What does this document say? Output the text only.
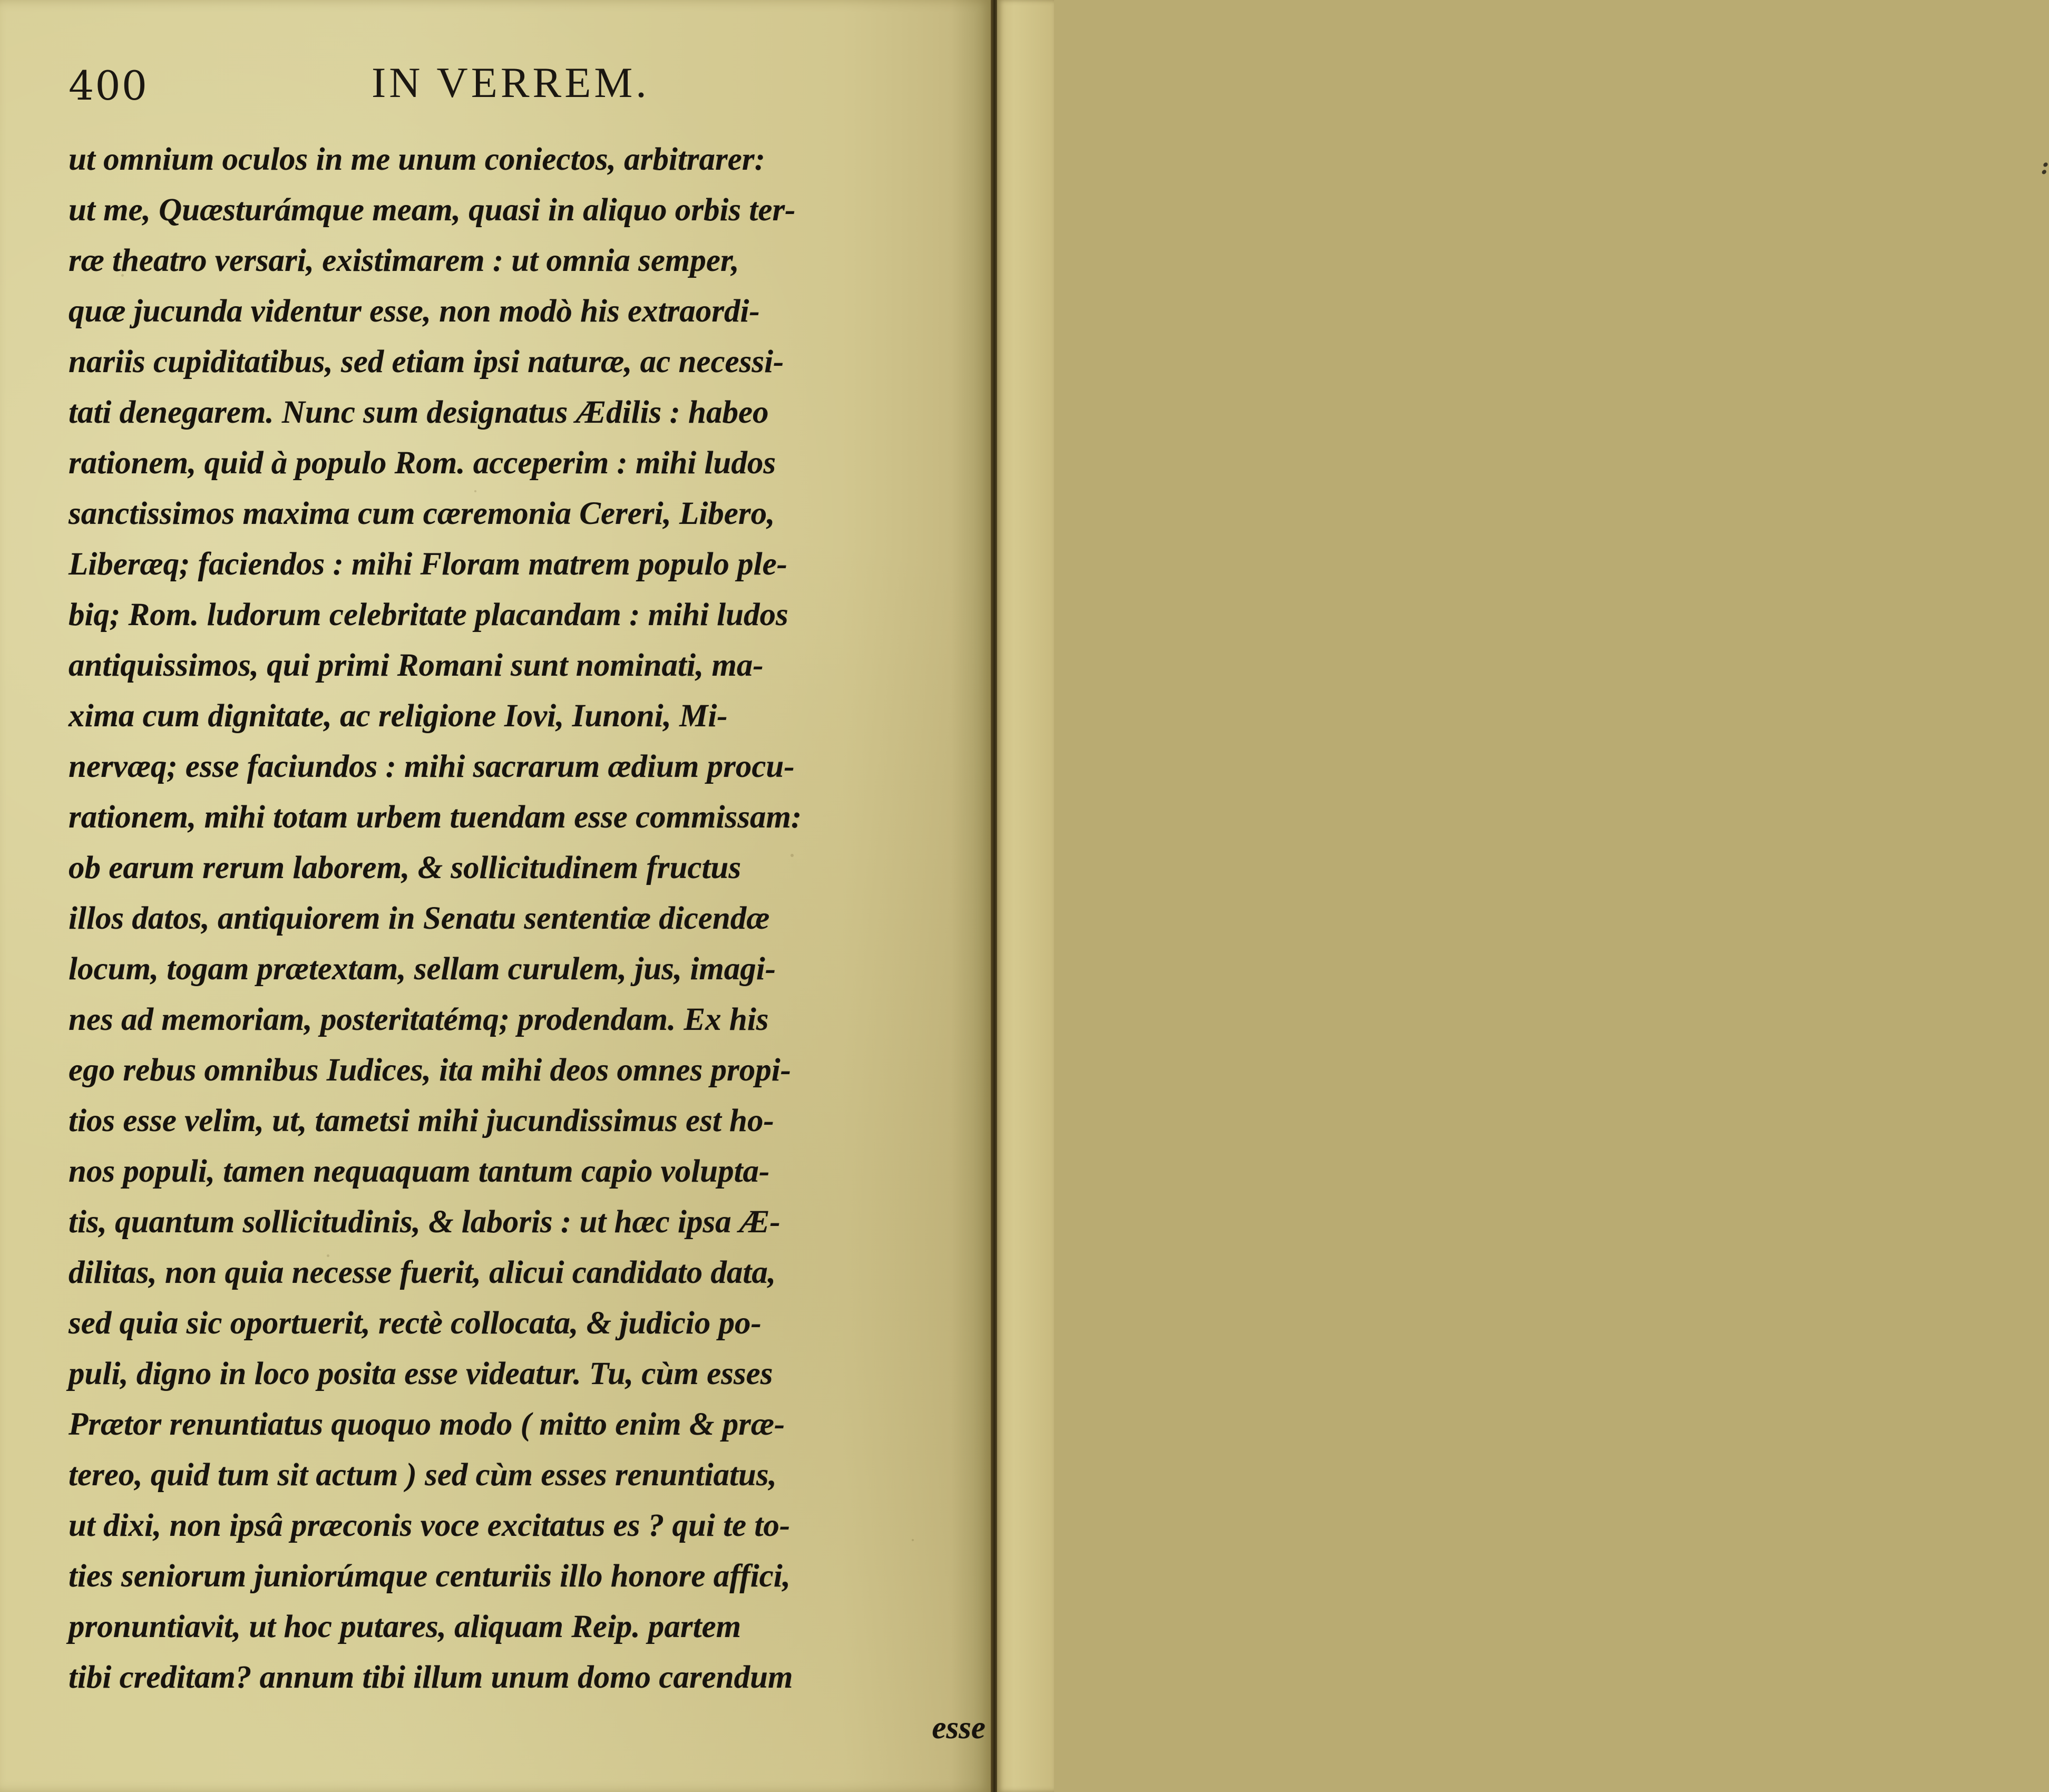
400	IN VERREM.
ut omnium oculos in me unum coniectos, arbitrarer:
ut me, Quæsturámque meam, quasi in aliquo orbis ter-
ræ theatro versari, existimarem : ut omnia semper,
quæ jucunda videntur esse, non modò his extraordi-
nariis cupiditatibus, sed etiam ipsi naturæ, ac necessi-
tati denegarem. Nunc sum designatus Ædilis : habeo
rationem, quid à populo Rom. acceperim : mihi ludos
sanctissimos maxima cum cæremonia Cereri, Libero,
Liberæq; faciendos : mihi Floram matrem populo ple-
biq; Rom. ludorum celebritate placandam : mihi ludos
antiquissimos, qui primi Romani sunt nominati, ma-
xima cum dignitate, ac religione Iovi, Iunoni, Mi-
nervæq; esse faciundos : mihi sacrarum ædium procu-
rationem, mihi totam urbem tuendam esse commissam:
ob earum rerum laborem, & sollicitudinem fructus
illos datos, antiquiorem in Senatu sententiæ dicendæ
locum, togam prætextam, sellam curulem, jus, imagi-
nes ad memoriam, posteritatémq; prodendam. Ex his
ego rebus omnibus Iudices, ita mihi deos omnes propi-
tios esse velim, ut, tametsi mihi jucundissimus est ho-
nos populi, tamen nequaquam tantum capio volupta-
tis, quantum sollicitudinis, & laboris : ut hæc ipsa Æ-
dilitas, non quia necesse fuerit, alicui candidato data,
sed quia sic oportuerit, rectè collocata, & judicio po-
puli, digno in loco posita esse videatur. Tu, cùm esses
Prætor renuntiatus quoquo modo ( mitto enim & præ-
tereo, quid tum sit actum ) sed cùm esses renuntiatus,
ut dixi, non ipsâ præconis voce excitatus es ? qui te to-
ties seniorum juniorúmque centuriis illo honore affici,
pronuntiavit, ut hoc putares, aliquam Reip. partem
tibi creditam? annum tibi illum unum domo carendum
esse
:
